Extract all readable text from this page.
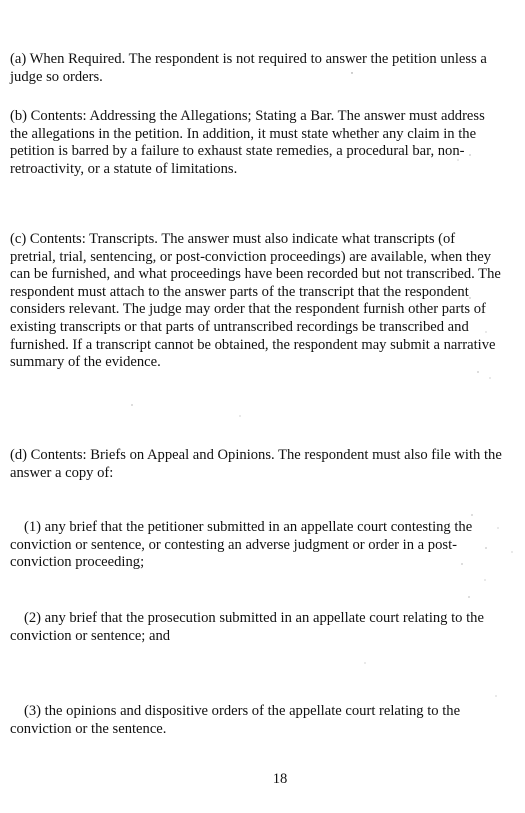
(a) When Required. The respondent is not required to answer the petition unless a judge so orders.

(b) Contents: Addressing the Allegations; Stating a Bar. The answer must address the allegations in the petition. In addition, it must state whether any claim in the petition is barred by a failure to exhaust state remedies, a procedural bar, non-retroactivity, or a statute of limitations.

(c) Contents: Transcripts. The answer must also indicate what transcripts (of pretrial, trial, sentencing, or post-conviction proceedings) are available, when they can be furnished, and what proceedings have been recorded but not transcribed. The respondent must attach to the answer parts of the transcript that the respondent considers relevant. The judge may order that the respondent furnish other parts of existing transcripts or that parts of untranscribed recordings be transcribed and furnished. If a transcript cannot be obtained, the respondent may submit a narrative summary of the evidence.

(d) Contents: Briefs on Appeal and Opinions. The respondent must also file with the answer a copy of:

(1) any brief that the petitioner submitted in an appellate court contesting the conviction or sentence, or contesting an adverse judgment or order in a post-conviction proceeding;

(2) any brief that the prosecution submitted in an appellate court relating to the conviction or sentence; and

(3) the opinions and dispositive orders of the appellate court relating to the conviction or the sentence.

18
